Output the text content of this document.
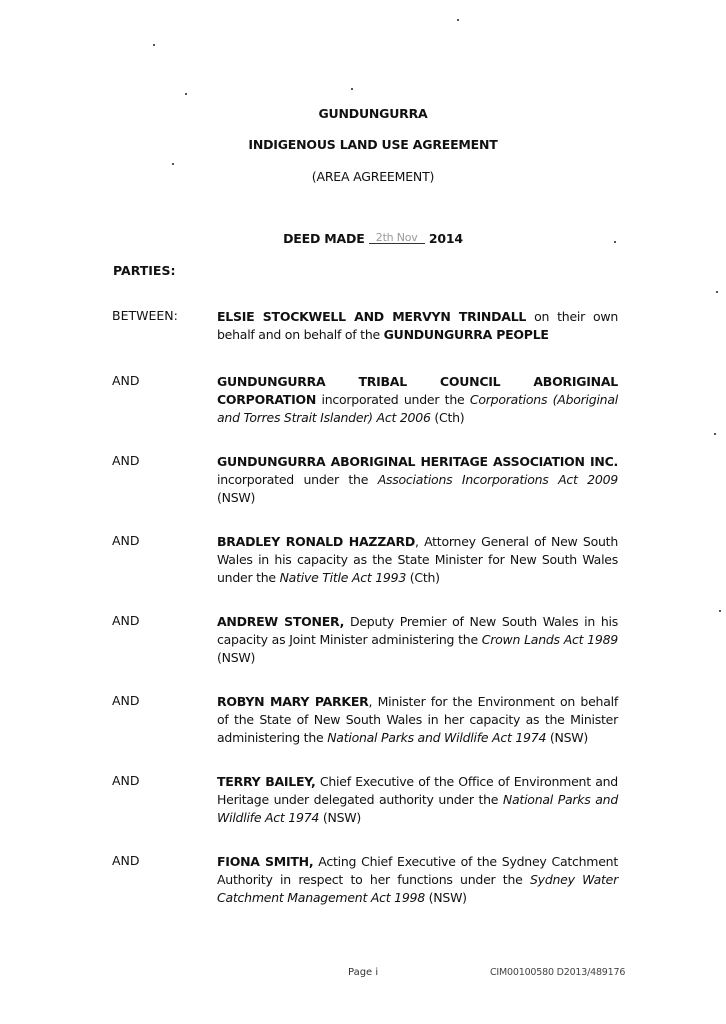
GUNDUNGURRA
INDIGENOUS LAND USE AGREEMENT
(AREA AGREEMENT)
DEED MADE 2th Nov 2014
PARTIES:
BETWEEN:	ELSIE STOCKWELL AND MERVYN TRINDALL on their own behalf and on behalf of the GUNDUNGURRA PEOPLE
AND	GUNDUNGURRA TRIBAL COUNCIL ABORIGINAL CORPORATION incorporated under the Corporations (Aboriginal and Torres Strait Islander) Act 2006 (Cth)
AND	GUNDUNGURRA ABORIGINAL HERITAGE ASSOCIATION INC. incorporated under the Associations Incorporations Act 2009 (NSW)
AND	BRADLEY RONALD HAZZARD, Attorney General of New South Wales in his capacity as the State Minister for New South Wales under the Native Title Act 1993 (Cth)
AND	ANDREW STONER, Deputy Premier of New South Wales in his capacity as Joint Minister administering the Crown Lands Act 1989 (NSW)
AND	ROBYN MARY PARKER, Minister for the Environment on behalf of the State of New South Wales in her capacity as the Minister administering the National Parks and Wildlife Act 1974 (NSW)
AND	TERRY BAILEY, Chief Executive of the Office of Environment and Heritage under delegated authority under the National Parks and Wildlife Act 1974 (NSW)
AND	FIONA SMITH, Acting Chief Executive of the Sydney Catchment Authority in respect to her functions under the Sydney Water Catchment Management Act 1998 (NSW)
Page i	CIM00100580 D2013/489176
